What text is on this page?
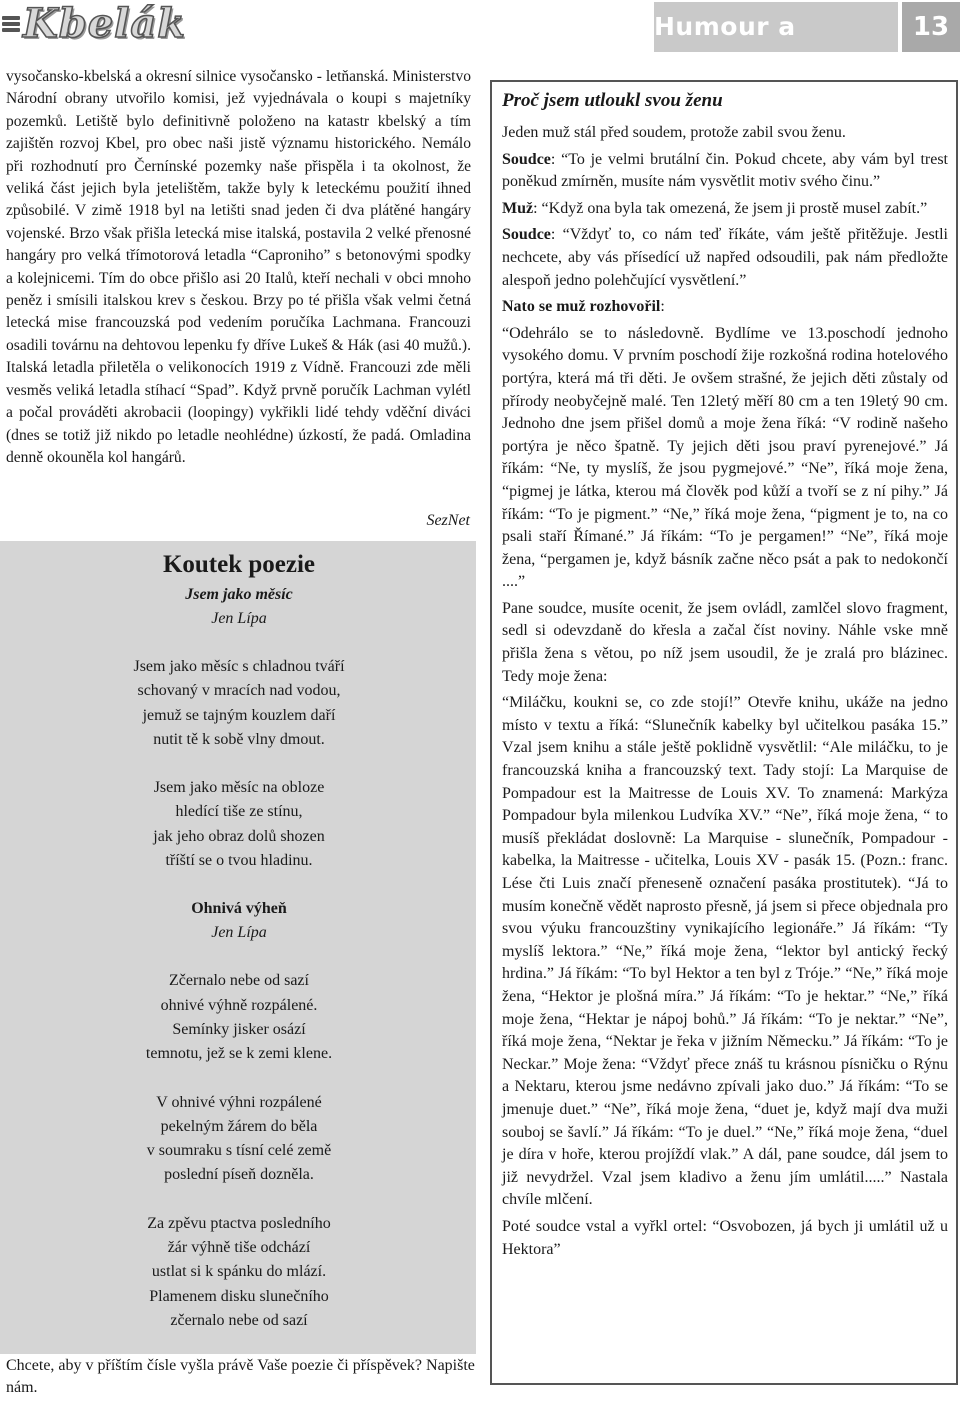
Kbelák	Humour a poezie
13
vysočansko-kbelská a okresní silnice vysočansko - letňanská. Ministerstvo Národní obrany utvořilo komisi, jež vyjednávala o koupi s majetníky pozemků. Letiště bylo definitivně položeno na katastr kbelský a tím zajištěn rozvoj Kbel, pro obec naši jistě významu historického. Nemálo při rozhodnutí pro Černínské pozemky naše přispěla i ta okolnost, že veliká část jejich byla jetelištěm, takže byly k leteckému použití ihned způsobilé. V zimě 1918 byl na letišti snad jeden či dva plátěné hangáry vojenské. Brzo však přišla letecká mise italská, postavila 2 velké přenosné hangáry pro velká třímotorová letadla “Caproniho” s betonovými spodky a kolejnicemi. Tím do obce přišlo asi 20 Italů, kteří nechali v obci mnoho peněz i smísili italskou krev s českou. Brzy po té přišla však velmi četná letecká mise francouzská pod vedením poručíka Lachmana. Francouzi osadili továrnu na dehtovou lepenku fy dříve Lukeš & Hák (asi 40 mužů.). Italská letadla přiletěla o velikonocích 1919 z Vídně. Francouzi zde měli vesměs veliká letadla stíhací “Spad”. Když prvně poručík Lachman vylétl a počal prováděti akrobacii (loopingy) vykřikli lidé tehdy vděční diváci (dnes se totiž již nikdo po letadle neohlédne) úzkostí, že padá. Omladina denně okouněla kol hangárů.
SezNet
Koutek poezie
Jsem jako měsíc
Jen Lípa
Jsem jako měsíc s chladnou tváří
schovaný v mracích nad vodou,
jemuž se tajným kouzlem daří
nutit tě k sobě vlny dmout.
Jsem jako měsíc na obloze
hledící tiše ze stínu,
jak jeho obraz dolů shozen
tříští se o tvou hladinu.
Ohnivá výheň
Jen Lípa
Zčernalo nebe od sazí
ohnivé výhně rozpálené.
Semínky jisker osází
temnotu, jež se k zemi klene.
V ohnivé výhni rozpálené
pekelným žárem do běla
v soumraku s tísní celé země
poslední píseň dozněla.
Za zpěvu ptactva posledního
žár výhně tiše odchází
ustlat si k spánku do mlází.
Plamenem disku slunečního
zčernalo nebe od sazí
Chcete, aby v příštím čísle vyšla právě Vaše poezie či příspěvek? Napište nám.
Proč jsem utloukl svou ženu

Jeden muž stál před soudem, protože zabil svou ženu.

Soudce: “To je velmi brutální čin. Pokud chcete, aby vám byl trest poněkud zmírněn, musíte nám vysvětlit motiv svého činu.”

Muž: “Když ona byla tak omezená, že jsem ji prostě musel zabít.”

Soudce: “Vždyť to, co nám teď říkáte, vám ještě přitěžuje. Jestli nechcete, aby vás přísedící už napřed odsoudili, pak nám předložte alespoň jedno polehčující vysvětlení.”

Nato se muž rozhovořil:

“Odehrálo se to následovně. Bydlíme ve 13.poschodí jednoho vysokého domu. V prvním poschodí žije rozkošná rodina hotelového portýra, která má tři děti. Je ovšem strašné, že jejich děti zůstaly od přírody neobyčejně malé. Ten 12letý měří 80 cm a ten 19letý 90 cm. Jednoho dne jsem přišel domů a moje žena říká: “V rodině našeho portýra je něco špatně. Ty jejich děti jsou praví pyrenejové.” Já říkám: “Ne, ty myslíš, že jsou pygmejové.” “Ne”, říká moje žena, “pigmej je látka, kterou má člověk pod kůží a tvoří se z ní pihy.” Já říkám: “To je pigment.” “Ne,” říká moje žena, “pigment je to, na co psali staří Římané.” Já říkám: “To je pergamen!” “Ne”, říká moje žena, “pergamen je, když básník začne něco psát a pak to nedokončí ....”

Pane soudce, musíte ocenit, že jsem ovládl, zamlčel slovo fragment, sedl si odevzdaně do křesla a začal číst noviny. Náhle vske mně přišla žena s větou, po níž jsem usoudil, že je zralá pro blázinec. Tedy moje žena:

“Miláčku, koukni se, co zde stojí!” Otevře knihu, ukáže na jedno místo v textu a říká: “Slunečník kabelky byl učitelkou pasáka 15.” Vzal jsem knihu a stále ještě poklidně vysvětlil: “Ale miláčku, to je francouzská kniha a francouzský text. Tady stojí: La Marquise de Pompadour est la Maitresse de Louis XV. To znamená: Markýza Pompadour byla milenkou Ludvíka XV.” “Ne”, říká moje žena, “ to musíš překládat doslovně: La Marquise - slunečník, Pompadour - kabelka, la Maitresse - učitelka, Louis XV - pasák 15. (Pozn.: franc. Lése čti Luis značí přeneseně označení pasáka prostitutek). “Já to musím konečně vědět naprosto přesně, já jsem si přece objednala pro svou výuku francouzštiny vynikajícího legionáře.” Já říkám: “Ty myslíš lektora.” “Ne,” říká moje žena, “lektor byl antický řecký hrdina.” Já říkám: “To byl Hektor a ten byl z Tróje.” “Ne,” říká moje žena, “Hektor je plošná míra.” Já říkám: “To je hektar.” “Ne,” říká moje žena, “Hektar je nápoj bohů.” Já říkám: “To je nektar.” “Ne”, říká moje žena, “Nektar je řeka v jižním Německu.” Já říkám: “To je Neckar.” Moje žena: “Vždyť přece znáš tu krásnou písničku o Rýnu a Nektaru, kterou jsme nedávno zpívali jako duo.” Já říkám: “To se jmenuje duet.” “Ne”, říká moje žena, “duet je, když mají dva muži souboj se šavlí.” Já říkám: “To je duel.” “Ne,” říká moje žena, “duel je díra v hoře, kterou projíždí vlak.” A dál, pane soudce, dál jsem to již nevydržel. Vzal jsem kladivo a ženu jím umlátil.....” Nastala chvíle mlčení.

Poté soudce vstal a vyřkl ortel: “Osvobozen, já bych ji umlátil už u Hektora”
